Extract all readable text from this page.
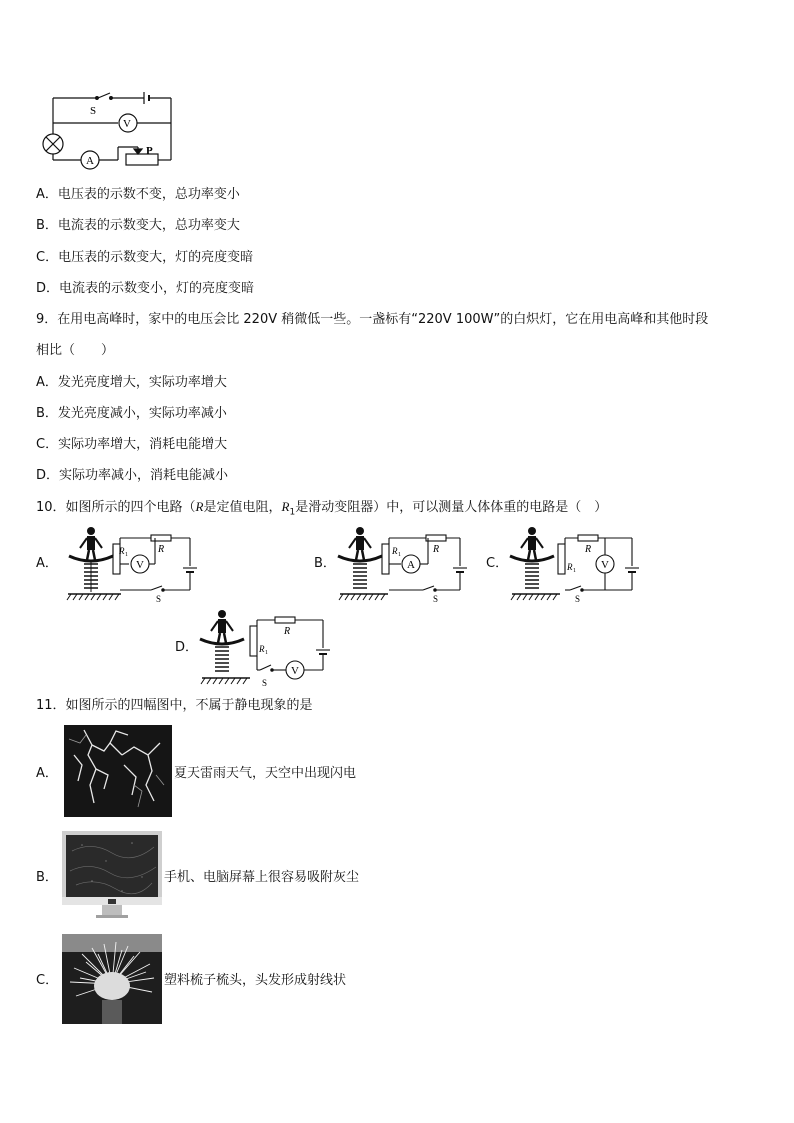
S
V
A
P
A．电压表的示数不变，总功率变小
B．电流表的示数变大，总功率变大
C．电压表的示数变大，灯的亮度变暗
D．电流表的示数变小，灯的亮度变暗
9．在用电高峰时，家中的电压会比 220V 稍微低一些。一盏标有“220V 100W”的白炽灯，它在用电高峰和其他时段
相比（　　）
A．发光亮度增大，实际功率增大
B．发光亮度减小，实际功率减小
C．实际功率增大，消耗电能增大
D．实际功率减小，消耗电能减小
10．如图所示的四个电路（R是定值电阻，$R_1$是滑动变阻器）中，可以测量人体体重的电路是（　）
A．	B．	C．
D．
V
R 1	R
S
A
R 1	R
S
V
R 1
R
S
V
R 1
R
S
11．如图所示的四幅图中，不属于静电现象的是
A．	夏天雷雨天气，天空中出现闪电
B．	手机、电脑屏幕上很容易吸附灰尘
C．	塑料梳子梳头，头发形成射线状
